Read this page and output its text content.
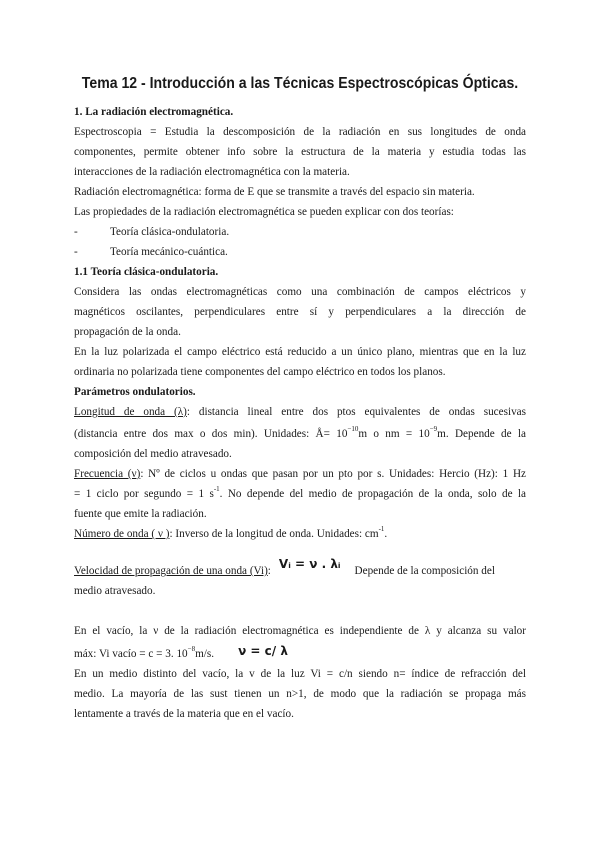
Tema 12 - Introducción a las Técnicas Espectroscópicas Ópticas.

1. La radiación electromagnética.

Espectroscopia = Estudia la descomposición de la radiación en sus longitudes de onda

componentes, permite obtener info sobre la estructura de la materia y estudia todas las

interacciones de la radiación electromagnética con la materia.

Radiación electromagnética: forma de E que se transmite a través del espacio sin materia.

Las propiedades de la radiación electromagnética se pueden explicar con dos teorías:

-	Teoría clásica-ondulatoria.
-	Teoría mecánico-cuántica.

1.1 Teoría clásica-ondulatoria.

Considera las ondas electromagnéticas como una combinación de campos eléctricos y

magnéticos oscilantes, perpendiculares entre sí y perpendiculares a la dirección de

propagación de la onda.

En la luz polarizada el campo eléctrico está reducido a un único plano, mientras que en la luz

ordinaria no polarizada tiene componentes del campo eléctrico en todos los planos.

Parámetros ondulatorios.

Longitud de onda (λ): distancia lineal entre dos ptos equivalentes de ondas sucesivas

(distancia entre dos max o dos min). Unidades: Å= $10^{-10}m$ o nm = $10^{-9}m$. Depende de la

composición del medio atravesado.

Frecuencia (ν): Nº de ciclos u ondas que pasan por un pto por s. Unidades: Hercio (Hz): 1 Hz

= 1 ciclo por segundo = 1 $s^{-1}$. No depende del medio de propagación de la onda, solo de la

fuente que emite la radiación.

Número de onda ( ν ): Inverso de la longitud de onda. Unidades: $cm^{-1}$.

Velocidad de propagación de una onda (Vi): Vᵢ = ν . λᵢ Depende de la composición del

medio atravesado.

En el vacío, la ν de la radiación electromagnética es independiente de λ y alcanza su valor

máx: Vi vacío = c = 3. $10^{-8}m/s$. ν = c/ λ

En un medio distinto del vacío, la v de la luz Vi = c/n siendo n= índice de refracción del

medio. La mayoría de las sust tienen un n>1, de modo que la radiación se propaga más

lentamente a través de la materia que en el vacío.
